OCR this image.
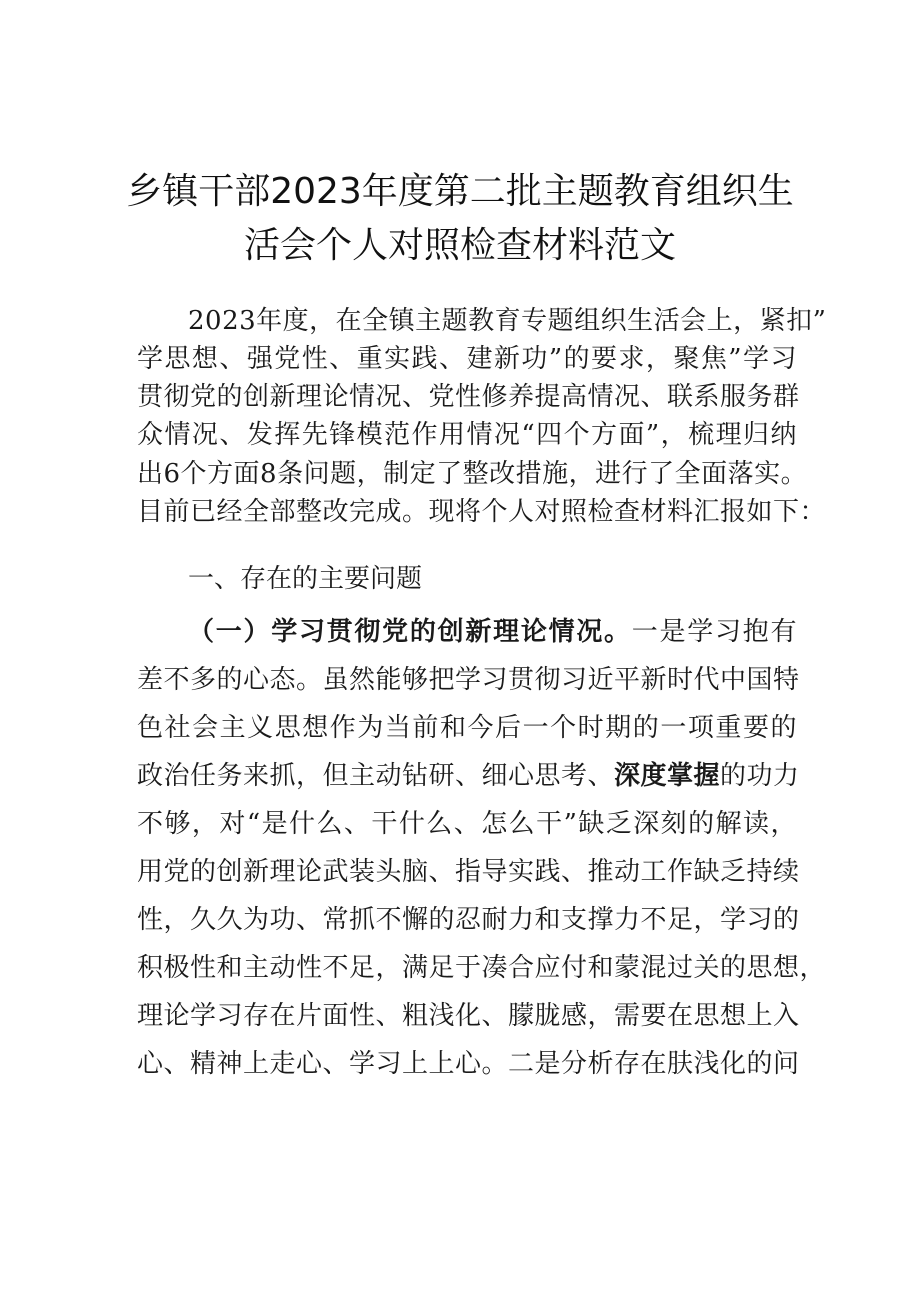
乡镇干部2023年度第二批主题教育组织生
活会个人对照检查材料范文
2023年度，在全镇主题教育专题组织生活会上，紧扣”
学思想、强党性、重实践、建新功”的要求，聚焦”学习
贯彻党的创新理论情况、党性修养提高情况、联系服务群
众情况、发挥先锋模范作用情况“四个方面”，梳理归纳
出6个方面8条问题，制定了整改措施，进行了全面落实。
目前已经全部整改完成。现将个人对照检查材料汇报如下：
一、存在的主要问题
（一）学习贯彻党的创新理论情况。一是学习抱有
差不多的心态。虽然能够把学习贯彻习近平新时代中国特
色社会主义思想作为当前和今后一个时期的一项重要的
政治任务来抓，但主动钻研、细心思考、深度掌握的功力
不够，对“是什么、干什么、怎么干”缺乏深刻的解读，
用党的创新理论武装头脑、指导实践、推动工作缺乏持续
性，久久为功、常抓不懈的忍耐力和支撑力不足，学习的
积极性和主动性不足，满足于凑合应付和蒙混过关的思想，
理论学习存在片面性、粗浅化、朦胧感，需要在思想上入
心、精神上走心、学习上上心。二是分析存在肤浅化的问
